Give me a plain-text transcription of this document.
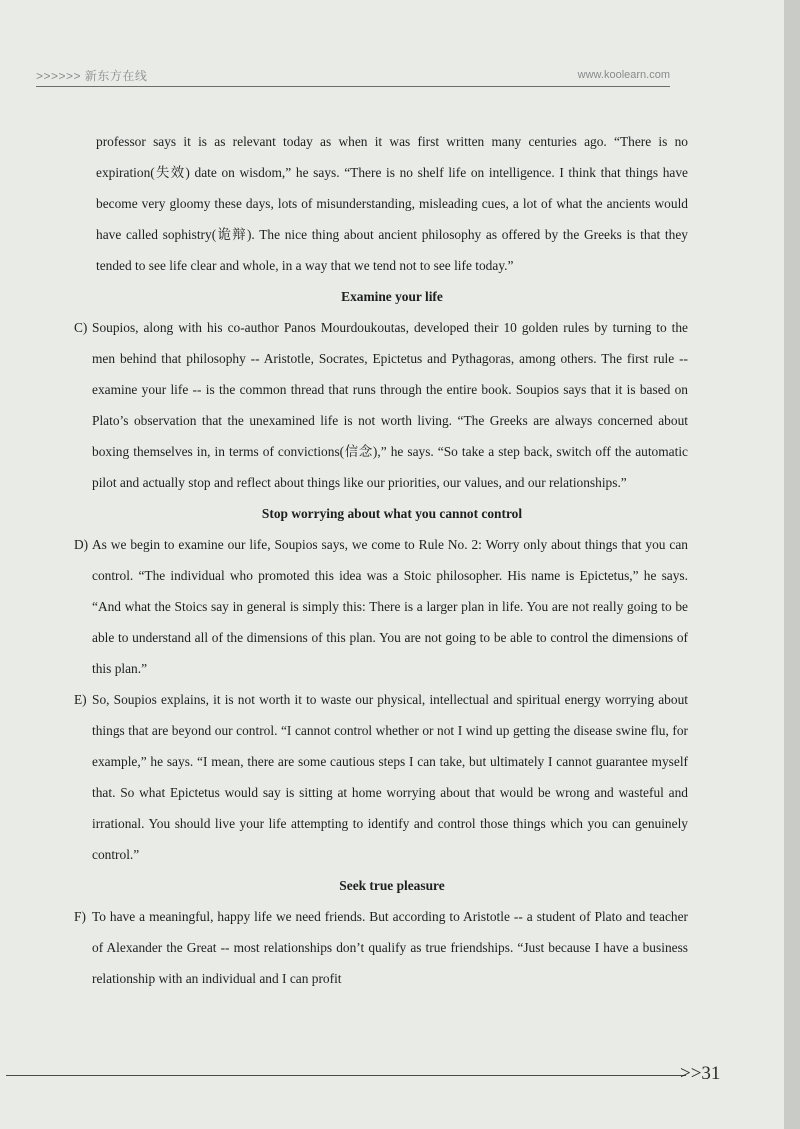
>>>>>> 新东方在线	www.koolearn.com

professor says it is as relevant today as when it was first written many centuries ago. “There is no expiration(失效) date on wisdom,” he says. “There is no shelf life on intelligence. I think that things have become very gloomy these days, lots of misunderstanding, misleading cues, a lot of what the ancients would have called sophistry(诡辩). The nice thing about ancient philosophy as offered by the Greeks is that they tended to see life clear and whole, in a way that we tend not to see life today.”

Examine your life
C) Soupios, along with his co-author Panos Mourdoukoutas, developed their 10 golden rules by turning to the men behind that philosophy -- Aristotle, Socrates, Epictetus and Pythagoras, among others. The first rule -- examine your life -- is the common thread that runs through the entire book. Soupios says that it is based on Plato’s observation that the unexamined life is not worth living. “The Greeks are always concerned about boxing themselves in, in terms of convictions(信念),” he says. “So take a step back, switch off the automatic pilot and actually stop and reflect about things like our priorities, our values, and our relationships.”
Stop worrying about what you cannot control
D) As we begin to examine our life, Soupios says, we come to Rule No. 2: Worry only about things that you can control. “The individual who promoted this idea was a Stoic philosopher. His name is Epictetus,” he says. “And what the Stoics say in general is simply this: There is a larger plan in life. You are not really going to be able to understand all of the dimensions of this plan. You are not going to be able to control the dimensions of this plan.”
E) So, Soupios explains, it is not worth it to waste our physical, intellectual and spiritual energy worrying about things that are beyond our control. “I cannot control whether or not I wind up getting the disease swine flu, for example,” he says. “I mean, there are some cautious steps I can take, but ultimately I cannot guarantee myself that. So what Epictetus would say is sitting at home worrying about that would be wrong and wasteful and irrational. You should live your life attempting to identify and control those things which you can genuinely control.”
Seek true pleasure
F) To have a meaningful, happy life we need friends. But according to Aristotle -- a student of Plato and teacher of Alexander the Great -- most relationships don’t qualify as true friendships. “Just because I have a business relationship with an individual and I can profit
>>31
